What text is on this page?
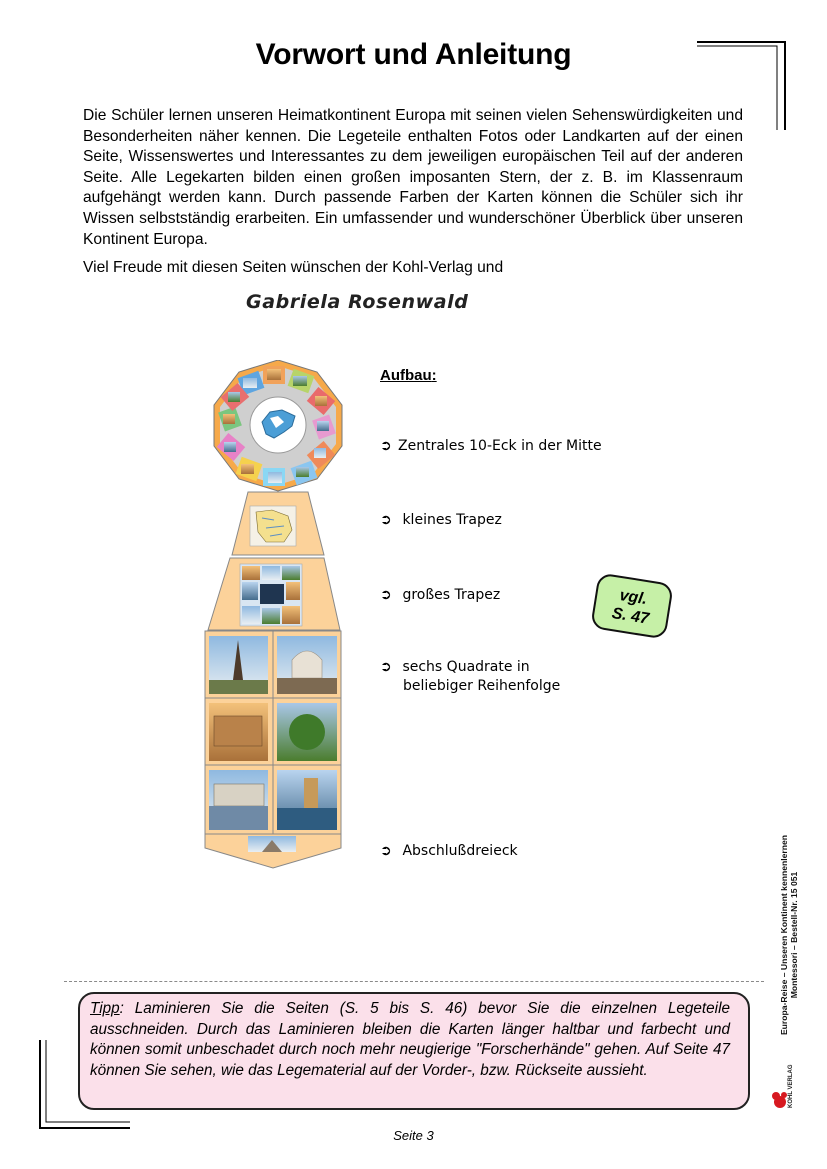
Vorwort und Anleitung
Die Schüler lernen unseren Heimatkontinent Europa mit seinen vielen Sehenswürdigkeiten und Besonderheiten näher kennen. Die Legeteile enthalten Fotos oder Landkarten auf der einen Seite, Wissenswertes und Interessantes zu dem jeweiligen europäischen Teil auf der anderen Seite. Alle Legekarten bilden einen großen imposanten Stern, der z. B. im Klassenraum aufgehängt werden kann. Durch passende Farben der Karten können die Schüler sich ihr Wissen selbstständig erarbeiten. Ein umfassender und wunderschöner Überblick über unseren Kontinent Europa.
Viel Freude mit diesen Seiten wünschen der Kohl-Verlag und
Gabriela Rosenwald
Aufbau:
➲ Zentrales 10-Eck in der Mitte
➲ kleines Trapez
➲ großes Trapez
➲ sechs Quadrate in
beliebiger Reihenfolge
➲ Abschlußdreieck
vgl.
S. 47
Tipp: Laminieren Sie die Seiten (S. 5 bis S. 46) bevor Sie die einzelnen Legeteile ausschneiden. Durch das Laminieren bleiben die Karten länger haltbar und farbecht und können somit unbeschadet durch noch mehr neugierige "Forscherhände" gehen. Auf Seite 47 können Sie sehen, wie das Legematerial auf der Vorder-, bzw. Rückseite aussieht.
Europa-Reise – Unseren Kontinent kennenlernen Montessori – Bestell-Nr. 15 051
KOHL VERLAG
Seite 3
